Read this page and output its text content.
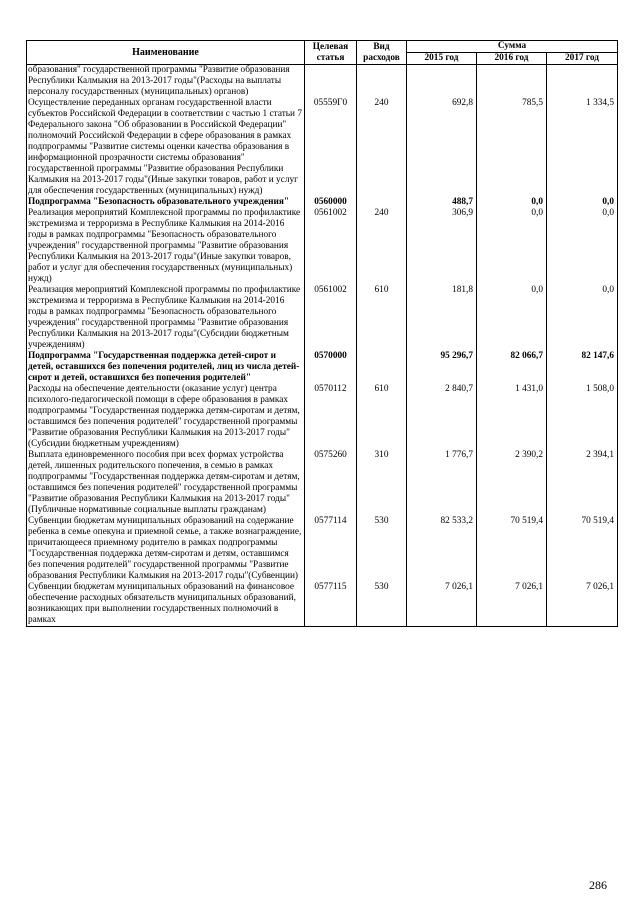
Наименование	Целевая статья	Вид расходов	Сумма		
			2015 год	2016 год	2017 год
образования" государственной программы "Развитие образования Республики Калмыкия на 2013-2017 годы"(Расходы на выплаты персоналу государственных (муниципальных) органов)					
Осуществление переданных органам государственной власти субъектов Российской Федерации в соответствии с частью 1 статьи 7 Федерального закона "Об образовании в Российской Федерации" полномочий Российской Федерации в сфере образования в рамках подпрограммы "Развитие системы оценки качества образования в информационной прозрачности системы образования" государственной программы "Развитие образования Республики Калмыкия на 2013-2017 годы"(Иные закупки товаров, работ и услуг для обеспечения государственных (муниципальных) нужд)	05559Г0	240	692,8	785,5	1 334,5
Подпрограмма "Безопасность образовательного учреждения"	0560000		488,7	0,0	0,0
Реализация мероприятий Комплексной программы по профилактике экстремизма и терроризма в Республике Калмыкия на 2014-2016 годы в рамках подпрограммы "Безопасность образовательного учреждения" государственной программы "Развитие образования Республики Калмыкия на 2013-2017 годы"(Иные закупки товаров, работ и услуг для обеспечения государственных (муниципальных) нужд)	0561002	240	306,9	0,0	0,0
Реализация мероприятий Комплексной программы по профилактике экстремизма и терроризма в Республике Калмыкия на 2014-2016 годы в рамках подпрограммы "Безопасность образовательного учреждения" государственной программы "Развитие образования Республики Калмыкия на 2013-2017 годы"(Субсидии бюджетным учреждениям)	0561002	610	181,8	0,0	0,0
Подпрограмма "Государственная поддержка детей-сирот и детей, оставшихся без попечения родителей, лиц из числа детей-сирот и детей, оставшихся без попечения родителей"	0570000		95 296,7	82 066,7	82 147,6
Расходы на обеспечение деятельности (оказание услуг) центра психолого-педагогической помощи в сфере образования в рамках подпрограммы "Государственная поддержка детям-сиротам и детям, оставшимся без попечения родителей" государственной программы "Развитие образования Республики Калмыкия на 2013-2017 годы"(Субсидии бюджетным учреждениям)	0570112	610	2 840,7	1 431,0	1 508,0
Выплата единовременного пособия при всех формах устройства детей, лишенных родительского попечения, в семью в рамках подпрограммы "Государственная поддержка детям-сиротам и детям, оставшимся без попечения родителей" государственной программы "Развитие образования Республики Калмыкия на 2013-2017 годы"(Публичные нормативные социальные выплаты гражданам)	0575260	310	1 776,7	2 390,2	2 394,1
Субвенции бюджетам муниципальных образований на содержание ребенка в семье опекуна и приемной семье, а также вознаграждение, причитающееся приемному родителю в рамках подпрограммы "Государственная поддержка детям-сиротам и детям, оставшимся без попечения родителей" государственной программы "Развитие образования Республики Калмыкия на 2013-2017 годы"(Субвенции)	0577114	530	82 533,2	70 519,4	70 519,4
Субвенции бюджетам муниципальных образований на финансовое обеспечение расходных обязательств муниципальных образований, возникающих при выполнении государственных полномочий в рамках	0577115	530	7 026,1	7 026,1	7 026,1
286
